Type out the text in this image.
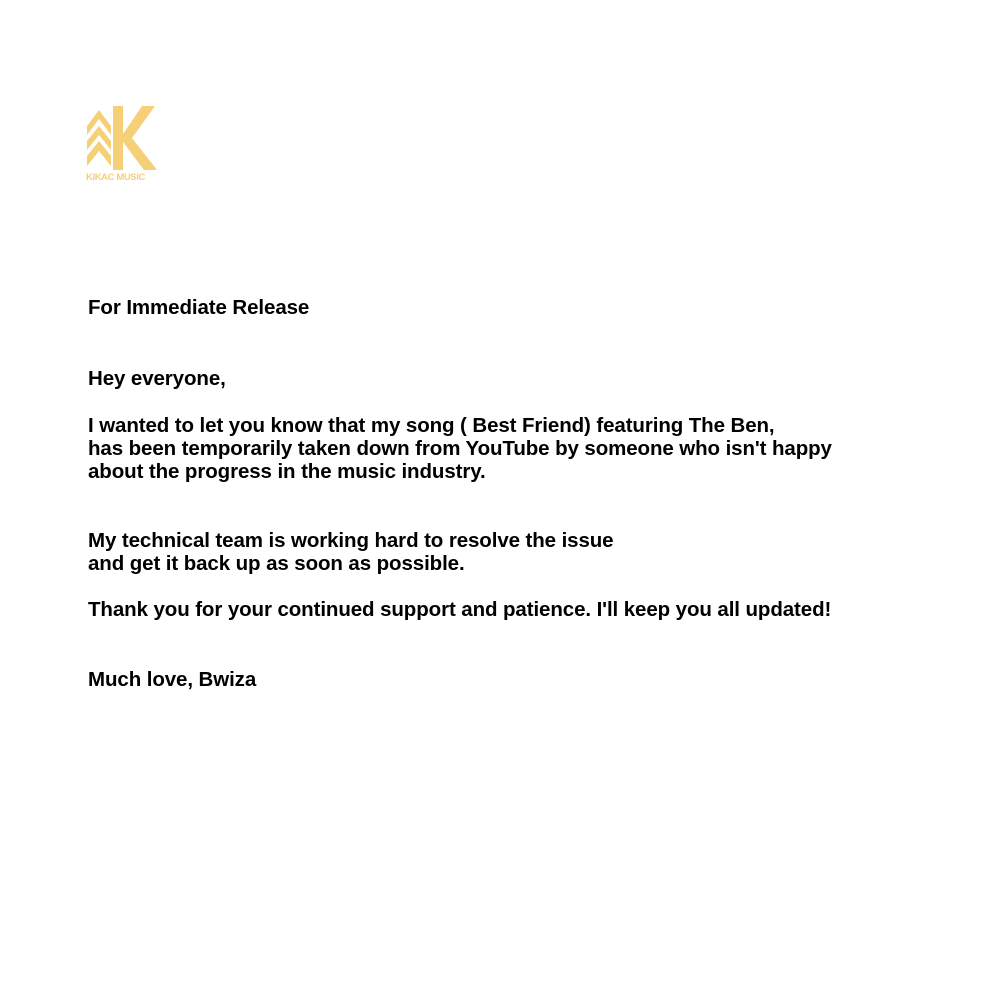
KIKAC MUSIC
For Immediate Release
Hey everyone,
I wanted to let you know that my song ( Best Friend) featuring The Ben,
has been temporarily taken down from YouTube by someone who isn't happy
about the progress in the music industry.
My technical team is working hard to resolve the issue
and get it back up as soon as possible.
Thank you for your continued support and patience. I'll keep you all updated!
Much love, Bwiza
